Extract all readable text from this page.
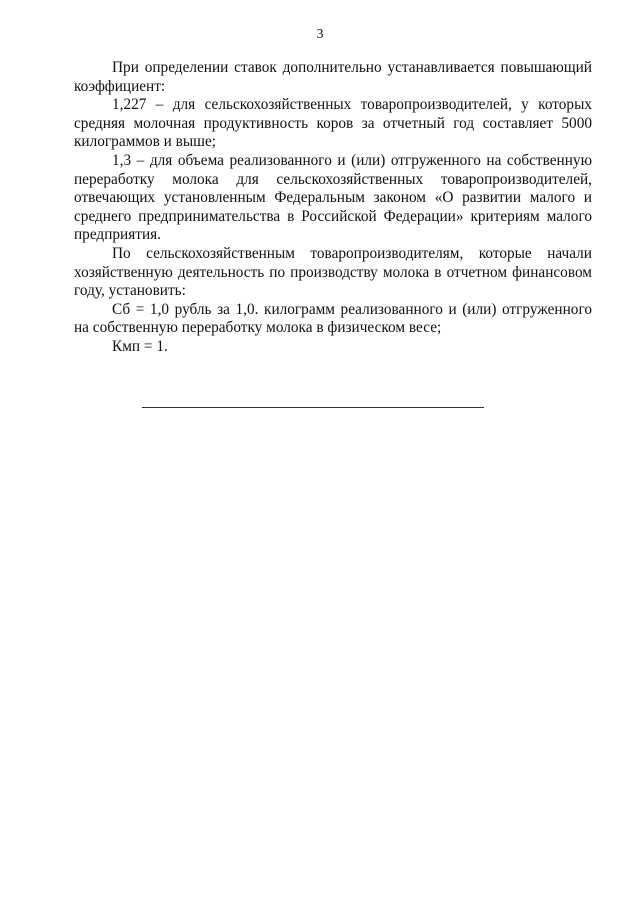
3

При определении ставок дополнительно устанавливается повышающий коэффициент:

1,227 – для сельскохозяйственных товаропроизводителей, у которых средняя молочная продуктивность коров за отчетный год составляет 5000 килограммов и выше;

1,3 – для объема реализованного и (или) отгруженного на собственную переработку молока для сельскохозяйственных товаропроизводителей, отвечающих установленным Федеральным законом «О развитии малого и среднего предпринимательства в Российской Федерации» критериям малого предприятия.

По сельскохозяйственным товаропроизводителям, которые начали хозяйственную деятельность по производству молока в отчетном финансовом году, установить:

Сб = 1,0 рубль за 1,0. килограмм реализованного и (или) отгруженного на собственную переработку молока в физическом весе;

Кмп = 1.
